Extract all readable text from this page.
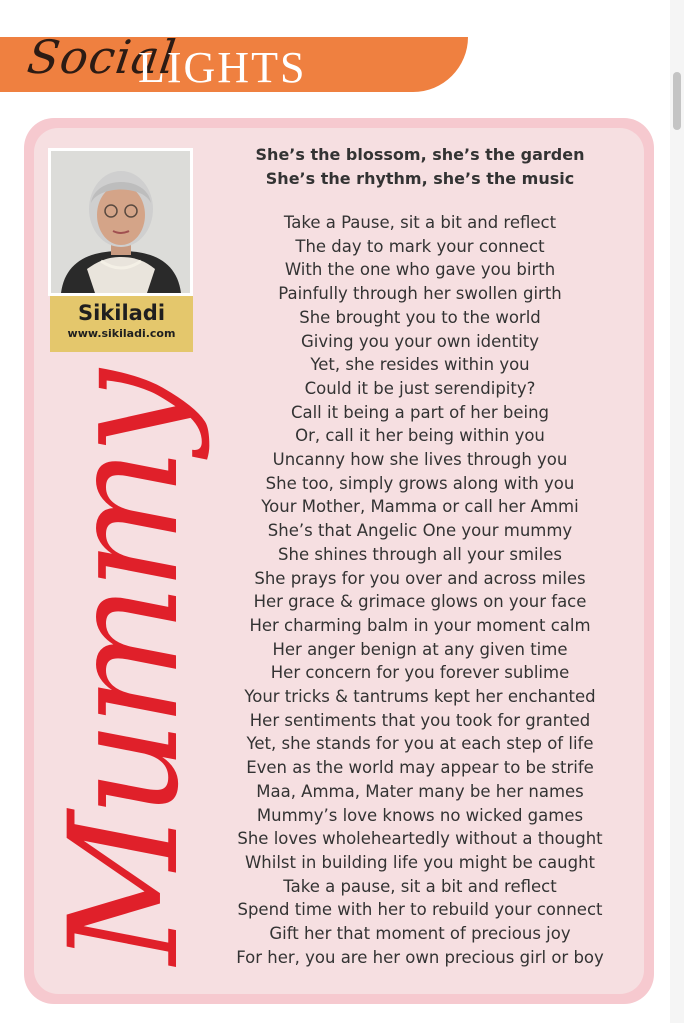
Social
LIGHTS
Sikiladi
www.sikiladi.com
Mummy
She’s the blossom, she’s the garden
She’s the rhythm, she’s the music
Take a Pause, sit a bit and reflect
The day to mark your connect
With the one who gave you birth
Painfully through her swollen girth
She brought you to the world
Giving you your own identity
Yet, she resides within you
Could it be just serendipity?
Call it being a part of her being
Or, call it her being within you
Uncanny how she lives through you
She too, simply grows along with you
Your Mother, Mamma or call her Ammi
She’s that Angelic One your mummy
She shines through all your smiles
She prays for you over and across miles
Her grace & grimace glows on your face
Her charming balm in your moment calm
Her anger benign at any given time
Her concern for you forever sublime
Your tricks & tantrums kept her enchanted
Her sentiments that you took for granted
Yet, she stands for you at each step of life
Even as the world may appear to be strife
Maa, Amma, Mater many be her names
Mummy’s love knows no wicked games
She loves wholeheartedly without a thought
Whilst in building life you might be caught
Take a pause, sit a bit and reflect
Spend time with her to rebuild your connect
Gift her that moment of precious joy
For her, you are her own precious girl or boy
